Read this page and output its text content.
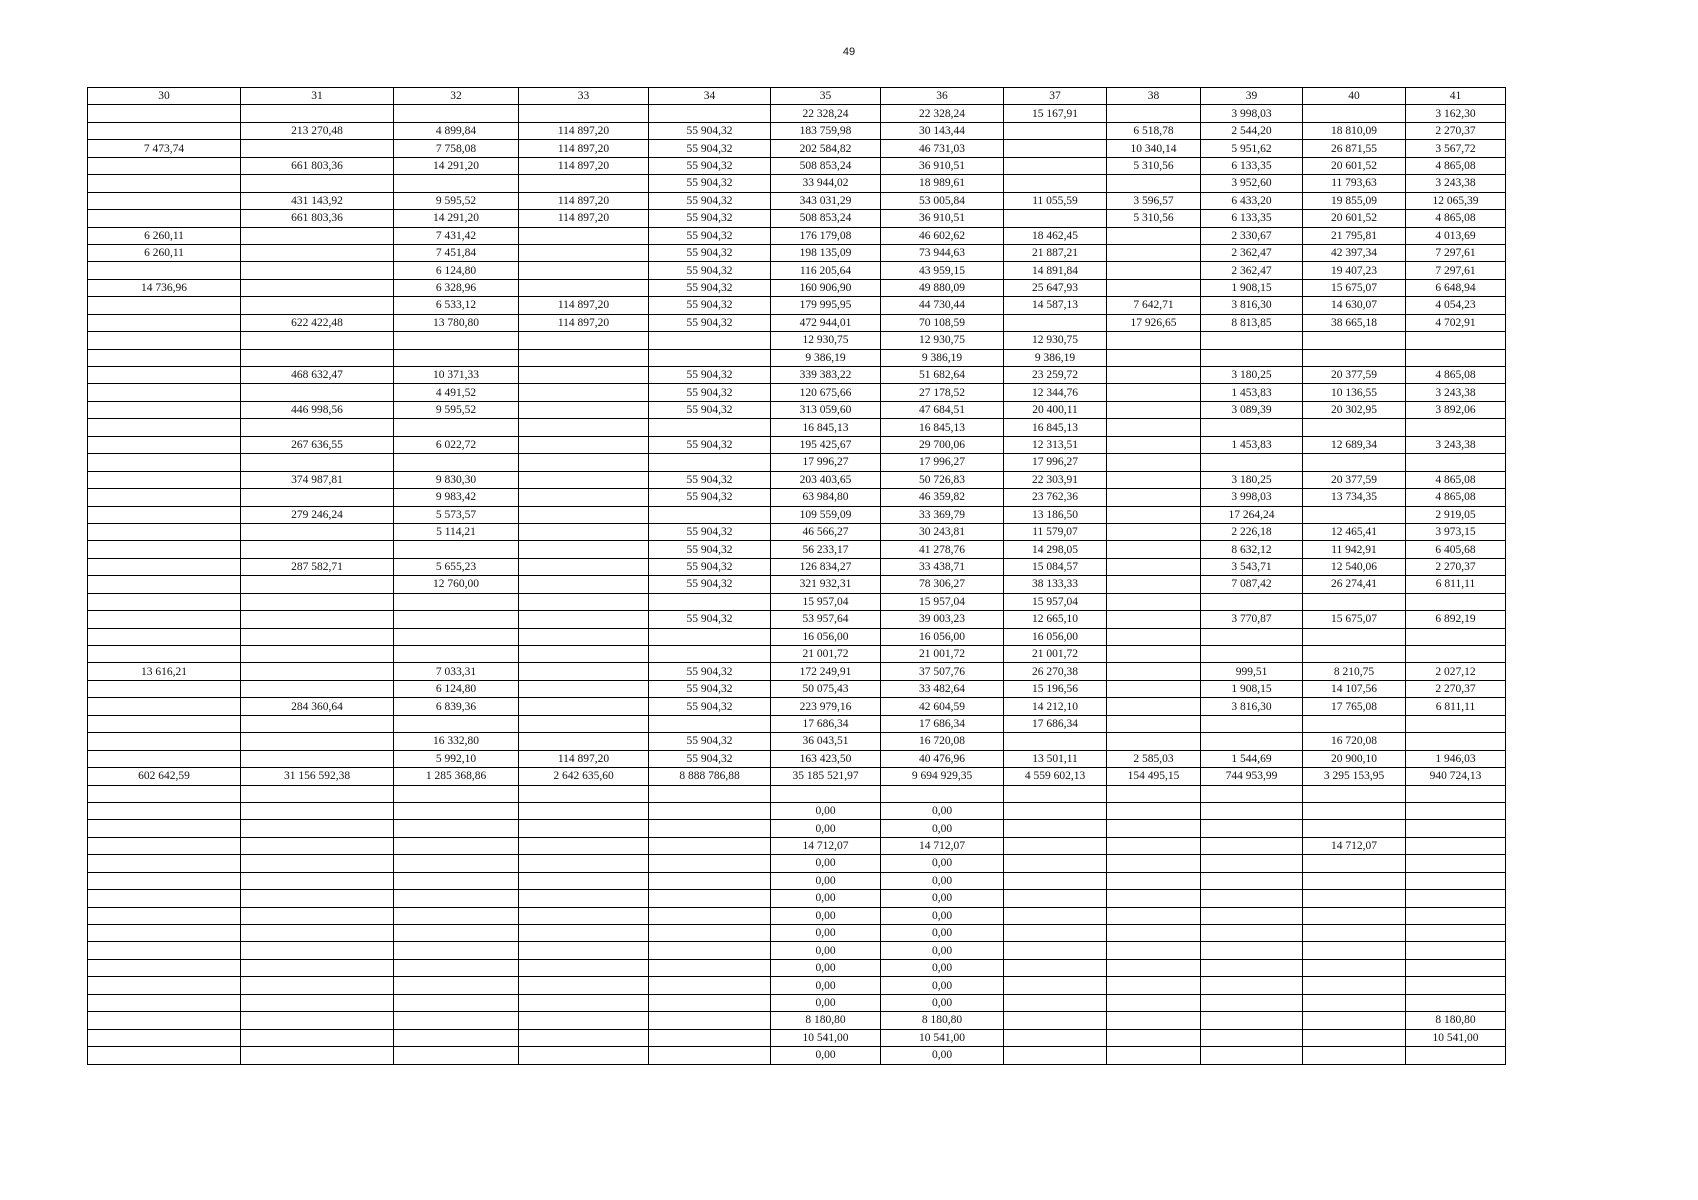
49
30	31	32	33	34	35	36	37	38	39	40	41
					22 328,24	22 328,24	15 167,91		3 998,03		3 162,30
	213 270,48	4 899,84	114 897,20	55 904,32	183 759,98	30 143,44		6 518,78	2 544,20	18 810,09	2 270,37
7 473,74		7 758,08	114 897,20	55 904,32	202 584,82	46 731,03		10 340,14	5 951,62	26 871,55	3 567,72
	661 803,36	14 291,20	114 897,20	55 904,32	508 853,24	36 910,51		5 310,56	6 133,35	20 601,52	4 865,08
				55 904,32	33 944,02	18 989,61			3 952,60	11 793,63	3 243,38
	431 143,92	9 595,52	114 897,20	55 904,32	343 031,29	53 005,84	11 055,59	3 596,57	6 433,20	19 855,09	12 065,39
	661 803,36	14 291,20	114 897,20	55 904,32	508 853,24	36 910,51		5 310,56	6 133,35	20 601,52	4 865,08
6 260,11		7 431,42		55 904,32	176 179,08	46 602,62	18 462,45		2 330,67	21 795,81	4 013,69
6 260,11		7 451,84		55 904,32	198 135,09	73 944,63	21 887,21		2 362,47	42 397,34	7 297,61
		6 124,80		55 904,32	116 205,64	43 959,15	14 891,84		2 362,47	19 407,23	7 297,61
14 736,96		6 328,96		55 904,32	160 906,90	49 880,09	25 647,93		1 908,15	15 675,07	6 648,94
		6 533,12	114 897,20	55 904,32	179 995,95	44 730,44	14 587,13	7 642,71	3 816,30	14 630,07	4 054,23
	622 422,48	13 780,80	114 897,20	55 904,32	472 944,01	70 108,59		17 926,65	8 813,85	38 665,18	4 702,91
					12 930,75	12 930,75	12 930,75				
					9 386,19	9 386,19	9 386,19				
	468 632,47	10 371,33		55 904,32	339 383,22	51 682,64	23 259,72		3 180,25	20 377,59	4 865,08
		4 491,52		55 904,32	120 675,66	27 178,52	12 344,76		1 453,83	10 136,55	3 243,38
	446 998,56	9 595,52		55 904,32	313 059,60	47 684,51	20 400,11		3 089,39	20 302,95	3 892,06
					16 845,13	16 845,13	16 845,13				
	267 636,55	6 022,72		55 904,32	195 425,67	29 700,06	12 313,51		1 453,83	12 689,34	3 243,38
					17 996,27	17 996,27	17 996,27				
	374 987,81	9 830,30		55 904,32	203 403,65	50 726,83	22 303,91		3 180,25	20 377,59	4 865,08
		9 983,42		55 904,32	63 984,80	46 359,82	23 762,36		3 998,03	13 734,35	4 865,08
	279 246,24	5 573,57			109 559,09	33 369,79	13 186,50		17 264,24		2 919,05
		5 114,21		55 904,32	46 566,27	30 243,81	11 579,07		2 226,18	12 465,41	3 973,15
				55 904,32	56 233,17	41 278,76	14 298,05		8 632,12	11 942,91	6 405,68
	287 582,71	5 655,23		55 904,32	126 834,27	33 438,71	15 084,57		3 543,71	12 540,06	2 270,37
		12 760,00		55 904,32	321 932,31	78 306,27	38 133,33		7 087,42	26 274,41	6 811,11
					15 957,04	15 957,04	15 957,04				
				55 904,32	53 957,64	39 003,23	12 665,10		3 770,87	15 675,07	6 892,19
					16 056,00	16 056,00	16 056,00				
					21 001,72	21 001,72	21 001,72				
13 616,21		7 033,31		55 904,32	172 249,91	37 507,76	26 270,38		999,51	8 210,75	2 027,12
		6 124,80		55 904,32	50 075,43	33 482,64	15 196,56		1 908,15	14 107,56	2 270,37
	284 360,64	6 839,36		55 904,32	223 979,16	42 604,59	14 212,10		3 816,30	17 765,08	6 811,11
					17 686,34	17 686,34	17 686,34				
		16 332,80		55 904,32	36 043,51	16 720,08				16 720,08	
		5 992,10	114 897,20	55 904,32	163 423,50	40 476,96	13 501,11	2 585,03	1 544,69	20 900,10	1 946,03
602 642,59	31 156 592,38	1 285 368,86	2 642 635,60	8 888 786,88	35 185 521,97	9 694 929,35	4 559 602,13	154 495,15	744 953,99	3 295 153,95	940 724,13

					0,00	0,00					
					0,00	0,00					
					14 712,07	14 712,07				14 712,07	
					0,00	0,00					
					0,00	0,00					
					0,00	0,00					
					0,00	0,00					
					0,00	0,00					
					0,00	0,00					
					0,00	0,00					
					0,00	0,00					
					0,00	0,00					
					8 180,80	8 180,80					8 180,80
					10 541,00	10 541,00					10 541,00
					0,00	0,00					
